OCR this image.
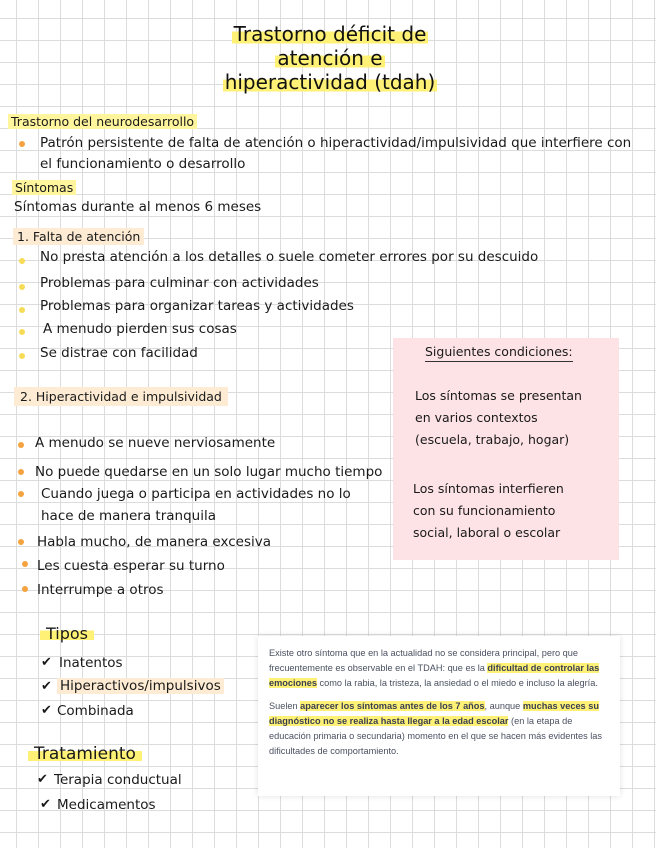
Trastorno déficit de
atención e
hiperactividad (tdah)
Trastorno del neurodesarrollo
Patrón persistente de falta de atención o hiperactividad/impulsividad que interfiere con
el funcionamiento o desarrollo
Síntomas
Síntomas durante al menos 6 meses
1. Falta de atención
No presta atención a los detalles o suele cometer errores por su descuido
Problemas para culminar con actividades
Problemas para organizar tareas y actividades
A menudo pierden sus cosas
Se distrae con facilidad
2. Hiperactividad e impulsividad
A menudo se nueve nerviosamente
No puede quedarse en un solo lugar mucho tiempo
Cuando juega o participa en actividades no lo
hace de manera tranquila
Habla mucho, de manera excesiva
Les cuesta esperar su turno
Interrumpe a otros
Siguientes condiciones:
Los síntomas se presentan
en varios contextos
(escuela, trabajo, hogar)
Los síntomas interfieren
con su funcionamiento
social, laboral o escolar
Tipos
✔ Inatentos
✔ Hiperactivos/impulsivos
✔ Combinada
Tratamiento
✔ Terapia conductual
✔ Medicamentos

Existe otro síntoma que en la actualidad no se considera principal, pero que frecuentemente es observable en el TDAH: que es la dificultad de controlar las emociones como la rabia, la tristeza, la ansiedad o el miedo e incluso la alegría.

Suelen aparecer los síntomas antes de los 7 años, aunque muchas veces su diagnóstico no se realiza hasta llegar a la edad escolar (en la etapa de educación primaria o secundaria) momento en el que se hacen más evidentes las dificultades de comportamiento.
